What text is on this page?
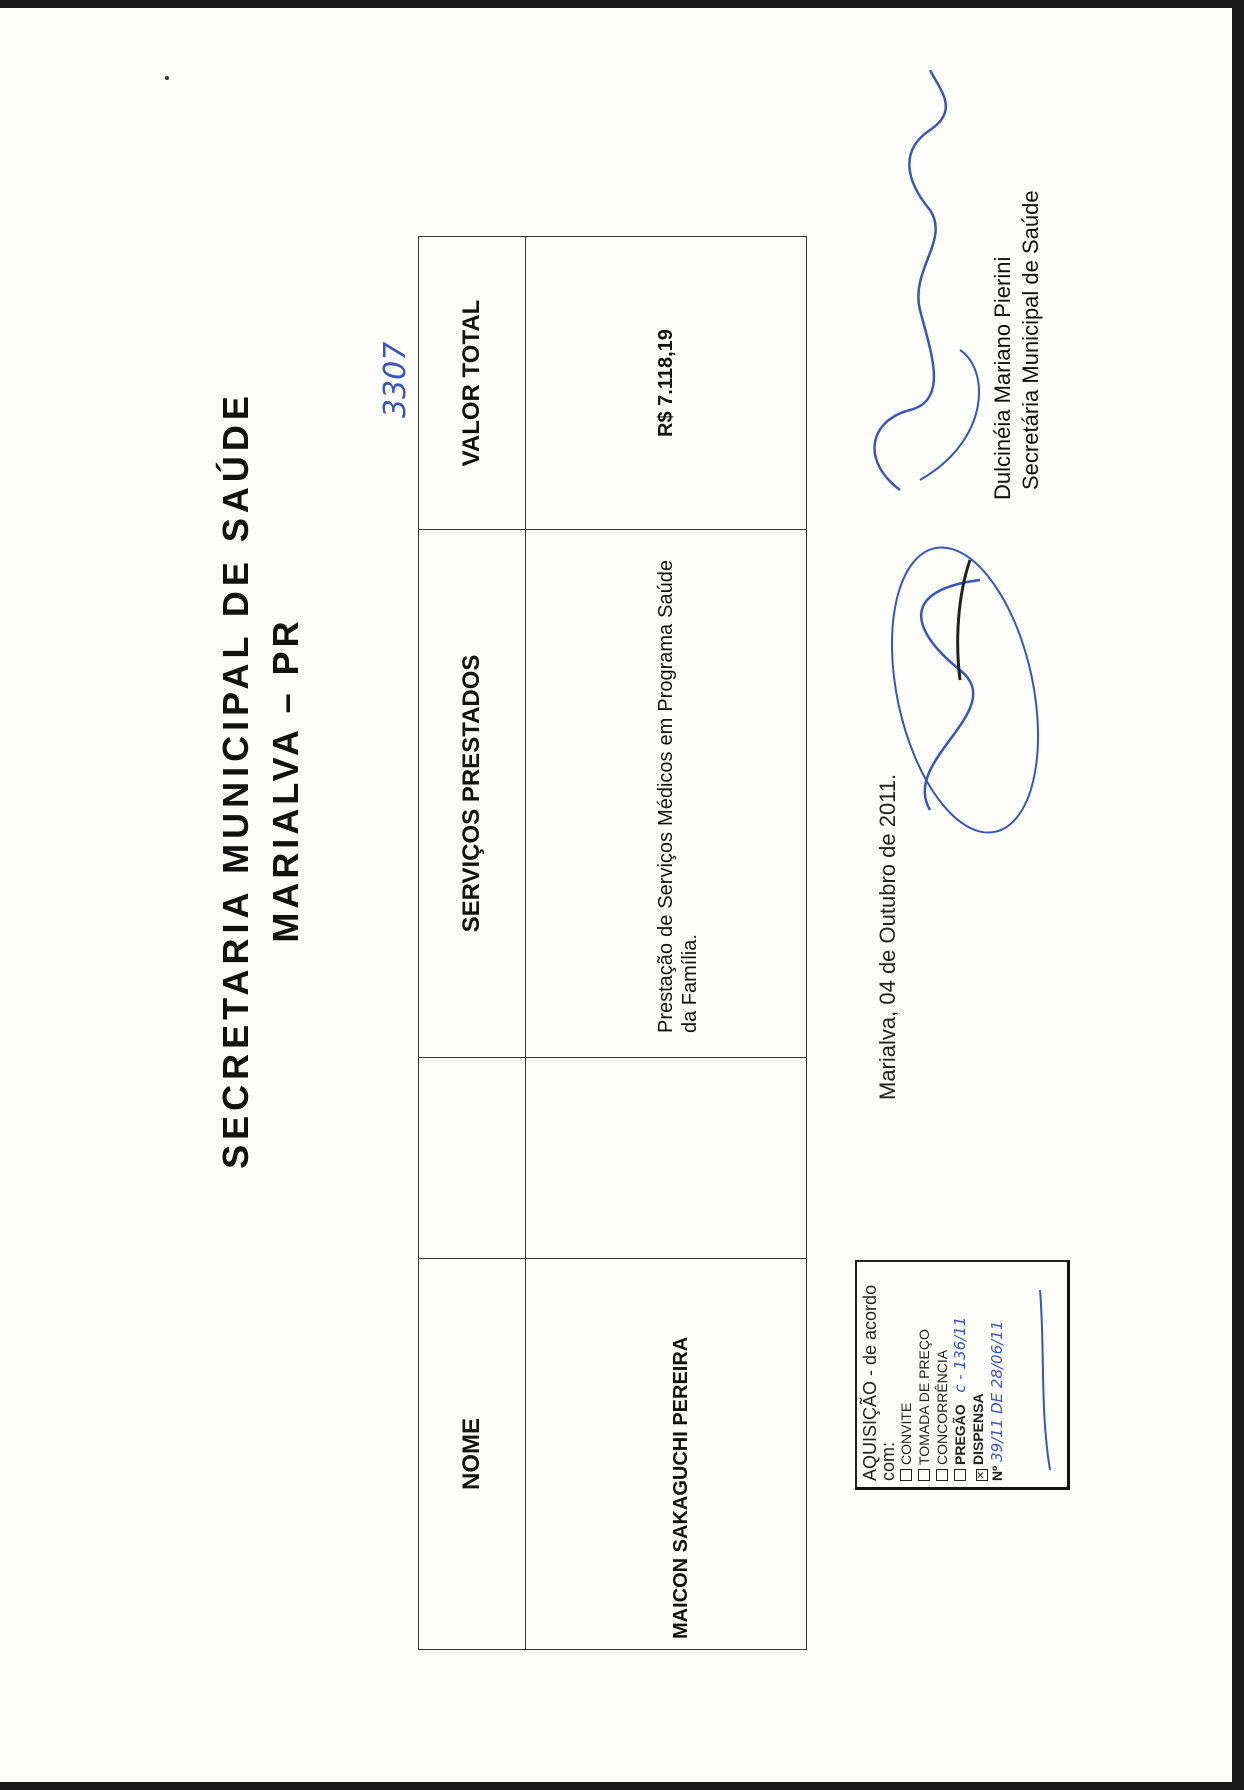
SECRETARIA MUNICIPAL DE SAÚDE MARIALVA – PR
3307
NOME		SERVIÇOS PRESTADOS	VALOR TOTAL
MAICON SAKAGUCHI PEREIRA		Prestação de Serviços Médicos em Programa Saúde da Família.	R$ 7.118,19
Marialva, 04 de Outubro de 2011.
AQUISIÇÃO - de acordo com: CONVITE TOMADA DE PREÇO CONCORRÊNCIA PREGÃO   c - 136/11
✕DISPENSA
Nº 39/11 DE 28/06/11
Dulcinéia Mariano Pierini Secretária Municipal de Saúde
